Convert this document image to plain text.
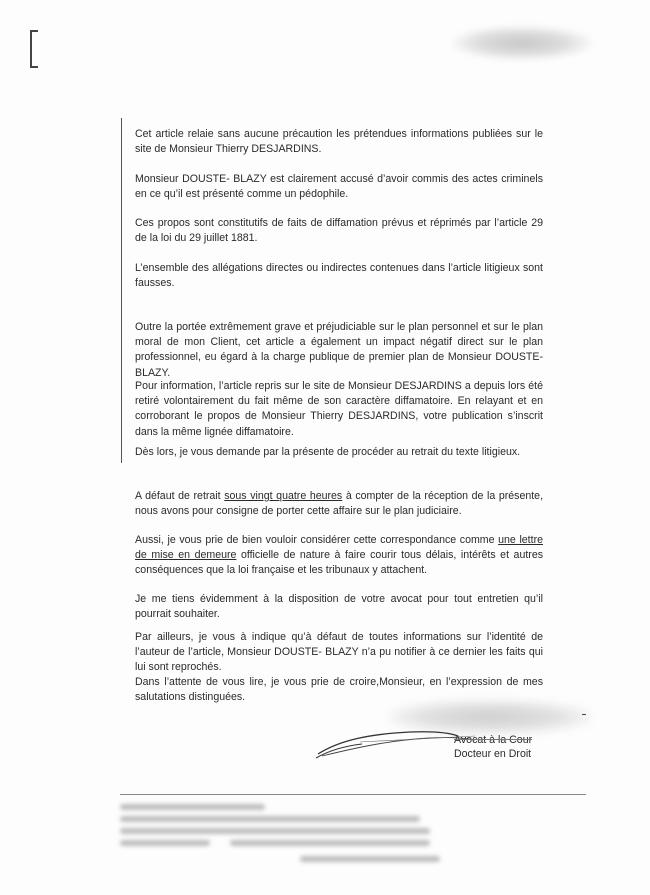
Cet article relaie sans aucune précaution les prétendues informations publiées sur le site de Monsieur Thierry DESJARDINS.

Monsieur DOUSTE- BLAZY est clairement accusé d’avoir commis des actes criminels en ce qu’il est présenté comme un pédophile.

Ces propos sont constitutifs de faits de diffamation prévus et réprimés par l’article 29 de la loi du 29 juillet 1881.

L’ensemble des allégations directes ou indirectes contenues dans l’article litigieux sont fausses.

Outre la portée extrêmement grave et préjudiciable sur le plan personnel et sur le plan moral de mon Client, cet article a également un impact négatif direct sur le plan professionnel, eu égard à la charge publique de premier plan de Monsieur DOUSTE-BLAZY.

Pour information, l’article repris sur le site de Monsieur DESJARDINS a depuis lors été retiré volontairement du fait même de son caractère diffamatoire. En relayant et en corroborant le propos de Monsieur Thierry DESJARDINS, votre publication s’inscrit dans la même lignée diffamatoire.

Dès lors, je vous demande par la présente de procéder au retrait du texte litigieux.

A défaut de retrait sous vingt quatre heures à compter de la réception de la présente, nous avons pour consigne de porter cette affaire sur le plan judiciaire.

Aussi, je vous prie de bien vouloir considérer cette correspondance comme une lettre de mise en demeure officielle de nature à faire courir tous délais, intérêts et autres conséquences que la loi française et les tribunaux y attachent.

Je me tiens évidemment à la disposition de votre avocat pour tout entretien qu’il pourrait souhaiter.

Par ailleurs, je vous à indique qu’à défaut de toutes informations sur l’identité de l’auteur de l’article, Monsieur DOUSTE- BLAZY n’a pu notifier à ce dernier les faits qui lui sont reprochés.

Dans l’attente de vous lire, je vous prie de croire,Monsieur, en l’expression de mes salutations distinguées.

Avocat à la Cour

Docteur en Droit
